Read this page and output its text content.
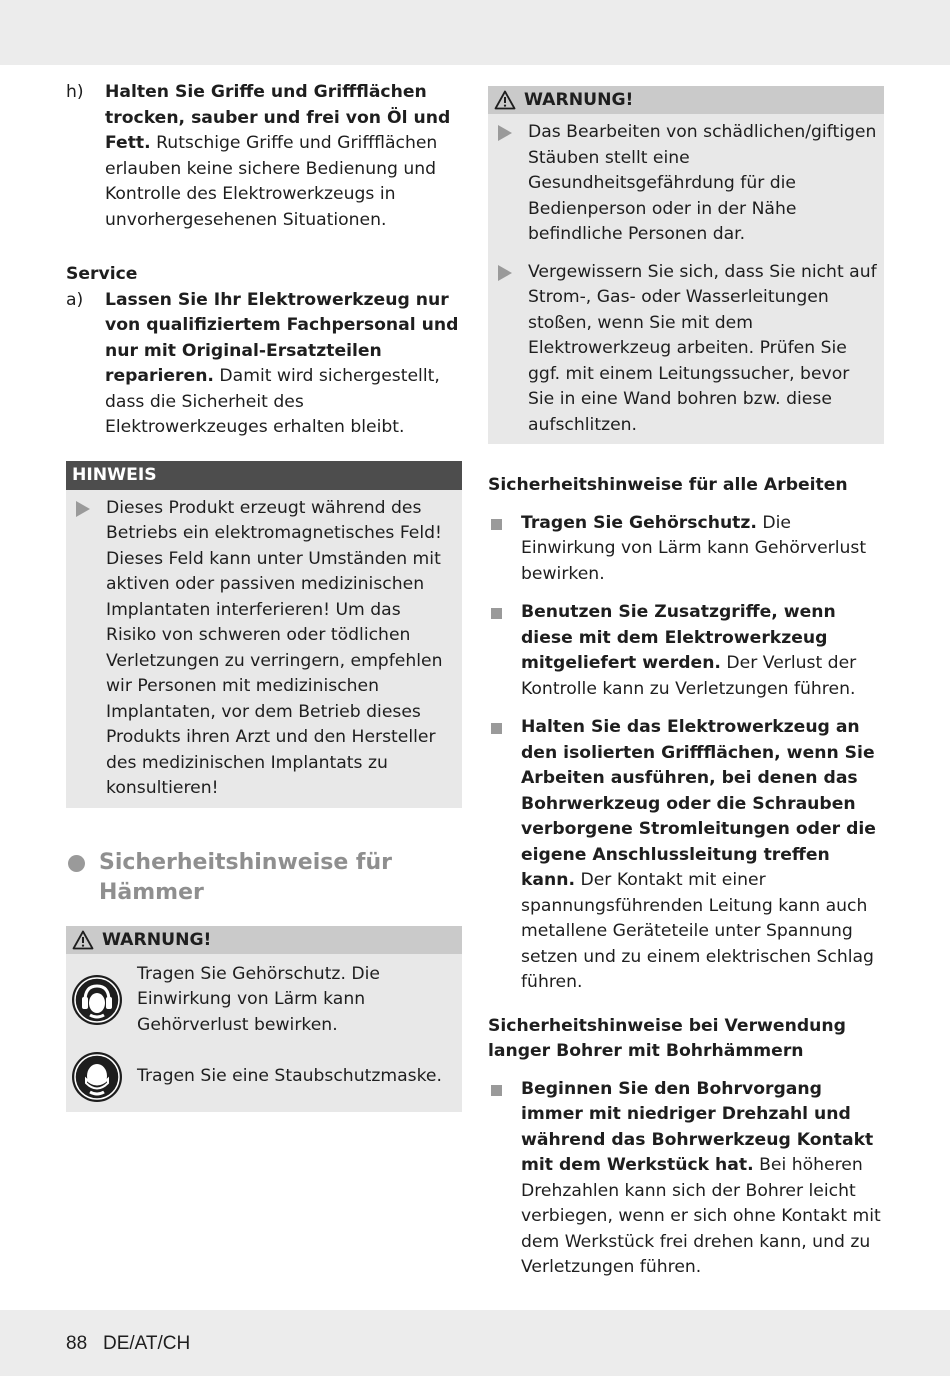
h) Halten Sie Griffe und Griffflächen trocken, sauber und frei von Öl und Fett. Rutschige Griffe und Griffflächen erlauben keine sichere Bedienung und Kontrolle des Elektrowerkzeugs in unvorhergesehenen Situationen.
Service
a) Lassen Sie Ihr Elektrowerkzeug nur von qualifiziertem Fachpersonal und nur mit Original-Ersatzteilen reparieren. Damit wird sichergestellt, dass die Sicherheit des Elektrowerkzeuges erhalten bleibt.
HINWEIS
Dieses Produkt erzeugt während des Betriebs ein elektromagnetisches Feld! Dieses Feld kann unter Umständen mit aktiven oder passiven medizinischen Implantaten interferieren! Um das Risiko von schweren oder tödlichen Verletzungen zu verringern, empfehlen wir Personen mit medizinischen Implantaten, vor dem Betrieb dieses Produkts ihren Arzt und den Hersteller des medizinischen Implantats zu konsultieren!
Sicherheitshinweise für Hämmer
WARNUNG!
Tragen Sie Gehörschutz. Die Einwirkung von Lärm kann Gehörverlust bewirken.
Tragen Sie eine Staubschutzmaske.
WARNUNG!
Das Bearbeiten von schädlichen/giftigen Stäuben stellt eine Gesundheitsgefährdung für die Bedienperson oder in der Nähe befindliche Personen dar.
Vergewissern Sie sich, dass Sie nicht auf Strom-, Gas- oder Wasserleitungen stoßen, wenn Sie mit dem Elektrowerkzeug arbeiten. Prüfen Sie ggf. mit einem Leitungssucher, bevor Sie in eine Wand bohren bzw. diese aufschlitzen.
Sicherheitshinweise für alle Arbeiten
Tragen Sie Gehörschutz. Die Einwirkung von Lärm kann Gehörverlust bewirken.
Benutzen Sie Zusatzgriffe, wenn diese mit dem Elektrowerkzeug mitgeliefert werden. Der Verlust der Kontrolle kann zu Verletzungen führen.
Halten Sie das Elektrowerkzeug an den isolierten Griffflächen, wenn Sie Arbeiten ausführen, bei denen das Bohrwerkzeug oder die Schrauben verborgene Stromleitungen oder die eigene Anschlussleitung treffen kann. Der Kontakt mit einer spannungsführenden Leitung kann auch metallene Geräteteile unter Spannung setzen und zu einem elektrischen Schlag führen.
Sicherheitshinweise bei Verwendung langer Bohrer mit Bohrhämmern
Beginnen Sie den Bohrvorgang immer mit niedriger Drehzahl und während das Bohrwerkzeug Kontakt mit dem Werkstück hat. Bei höheren Drehzahlen kann sich der Bohrer leicht verbiegen, wenn er sich ohne Kontakt mit dem Werkstück frei drehen kann, und zu Verletzungen führen.
88 DE/AT/CH
